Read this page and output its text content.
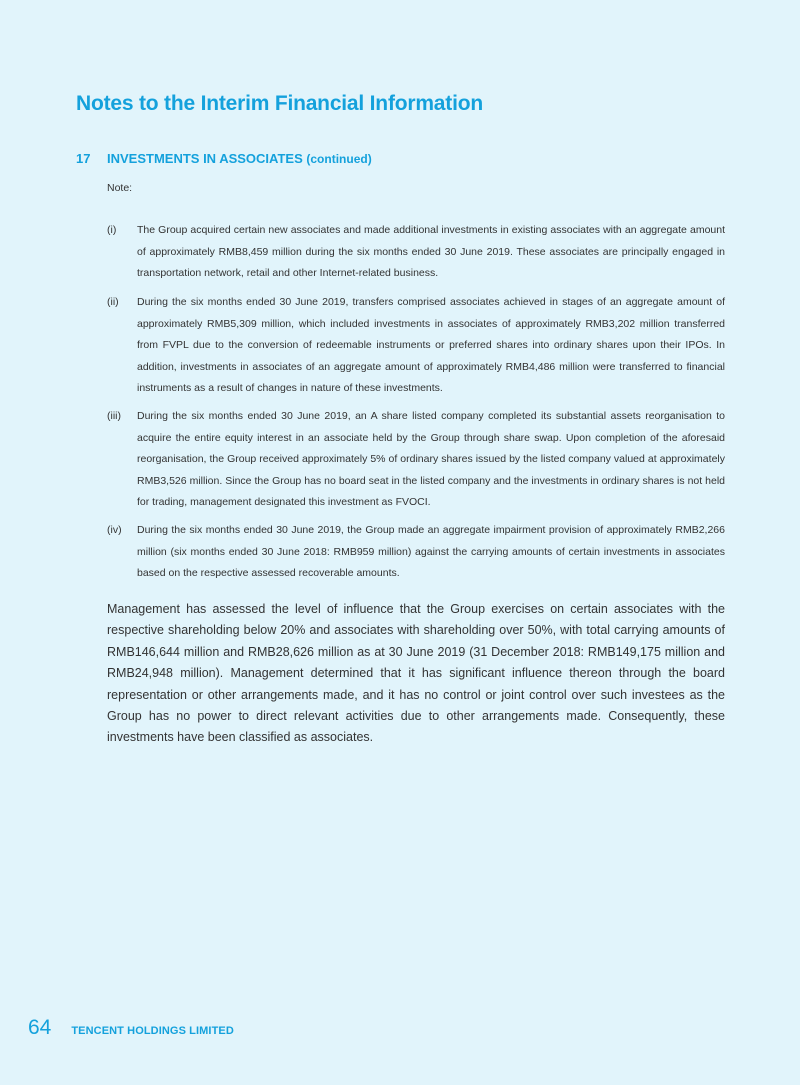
Notes to the Interim Financial Information
17 INVESTMENTS IN ASSOCIATES (continued)
Note:
(i) The Group acquired certain new associates and made additional investments in existing associates with an aggregate amount of approximately RMB8,459 million during the six months ended 30 June 2019. These associates are principally engaged in transportation network, retail and other Internet-related business.
(ii) During the six months ended 30 June 2019, transfers comprised associates achieved in stages of an aggregate amount of approximately RMB5,309 million, which included investments in associates of approximately RMB3,202 million transferred from FVPL due to the conversion of redeemable instruments or preferred shares into ordinary shares upon their IPOs. In addition, investments in associates of an aggregate amount of approximately RMB4,486 million were transferred to financial instruments as a result of changes in nature of these investments.
(iii) During the six months ended 30 June 2019, an A share listed company completed its substantial assets reorganisation to acquire the entire equity interest in an associate held by the Group through share swap. Upon completion of the aforesaid reorganisation, the Group received approximately 5% of ordinary shares issued by the listed company valued at approximately RMB3,526 million. Since the Group has no board seat in the listed company and the investments in ordinary shares is not held for trading, management designated this investment as FVOCI.
(iv) During the six months ended 30 June 2019, the Group made an aggregate impairment provision of approximately RMB2,266 million (six months ended 30 June 2018: RMB959 million) against the carrying amounts of certain investments in associates based on the respective assessed recoverable amounts.
Management has assessed the level of influence that the Group exercises on certain associates with the respective shareholding below 20% and associates with shareholding over 50%, with total carrying amounts of RMB146,644 million and RMB28,626 million as at 30 June 2019 (31 December 2018: RMB149,175 million and RMB24,948 million). Management determined that it has significant influence thereon through the board representation or other arrangements made, and it has no control or joint control over such investees as the Group has no power to direct relevant activities due to other arrangements made. Consequently, these investments have been classified as associates.
64 TENCENT HOLDINGS LIMITED
